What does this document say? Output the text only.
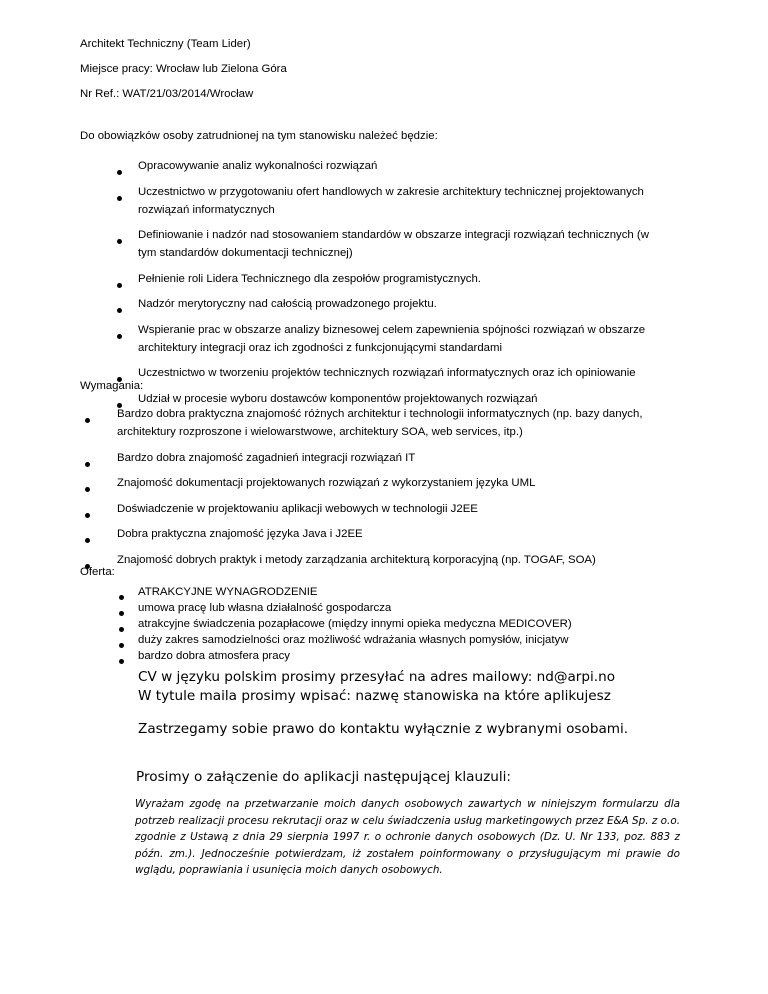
Architekt Techniczny (Team Lider)
Miejsce pracy: Wrocław lub Zielona Góra
Nr Ref.: WAT/21/03/2014/Wrocław
Do obowiązków osoby zatrudnionej na tym stanowisku należeć będzie:
Opracowywanie analiz wykonalności rozwiązań
Uczestnictwo w przygotowaniu ofert handlowych w zakresie architektury technicznej projektowanych
rozwiązań informatycznych
Definiowanie i nadzór nad stosowaniem standardów w obszarze integracji rozwiązań technicznych (w
tym standardów dokumentacji technicznej)
Pełnienie roli Lidera Technicznego dla zespołów programistycznych.
Nadzór merytoryczny nad całością prowadzonego projektu.
Wspieranie prac w obszarze analizy biznesowej celem zapewnienia spójności rozwiązań w obszarze
architektury integracji oraz ich zgodności z funkcjonującymi standardami
Uczestnictwo w tworzeniu projektów technicznych rozwiązań informatycznych oraz ich opiniowanie
Udział w procesie wyboru dostawców komponentów projektowanych rozwiązań
Wymagania:
Bardzo dobra praktyczna znajomość różnych architektur i technologii informatycznych (np. bazy danych,
architektury rozproszone i wielowarstwowe, architektury SOA, web services, itp.)
Bardzo dobra znajomość zagadnień integracji rozwiązań IT
Znajomość dokumentacji projektowanych rozwiązań z wykorzystaniem języka UML
Doświadczenie w projektowaniu aplikacji webowych w technologii J2EE
Dobra praktyczna znajomość języka Java i J2EE
Znajomość dobrych praktyk i metody zarządzania architekturą korporacyjną (np. TOGAF, SOA)
Oferta:
ATRAKCYJNE WYNAGRODZENIE
umowa pracę lub własna działalność gospodarcza
atrakcyjne świadczenia pozapłacowe (między innymi opieka medyczna MEDICOVER)
duży zakres samodzielności oraz możliwość wdrażania własnych pomysłów, inicjatyw
bardzo dobra atmosfera pracy
CV w języku polskim prosimy przesyłać na adres mailowy: nd@arpi.no
W tytule maila prosimy wpisać: nazwę stanowiska na które aplikujesz
Zastrzegamy sobie prawo do kontaktu wyłącznie z wybranymi osobami.
Prosimy o załączenie do aplikacji następującej klauzuli:
Wyrażam zgodę na przetwarzanie moich danych osobowych zawartych w niniejszym formularzu dla potrzeb realizacji procesu rekrutacji oraz w celu świadczenia usług marketingowych przez E&A Sp. z o.o. zgodnie z Ustawą z dnia 29 sierpnia 1997 r. o ochronie danych osobowych (Dz. U. Nr 133, poz. 883 z późn. zm.). Jednocześnie potwierdzam, iż zostałem poinformowany o przysługującym mi prawie do wglądu, poprawiania i usunięcia moich danych osobowych.
